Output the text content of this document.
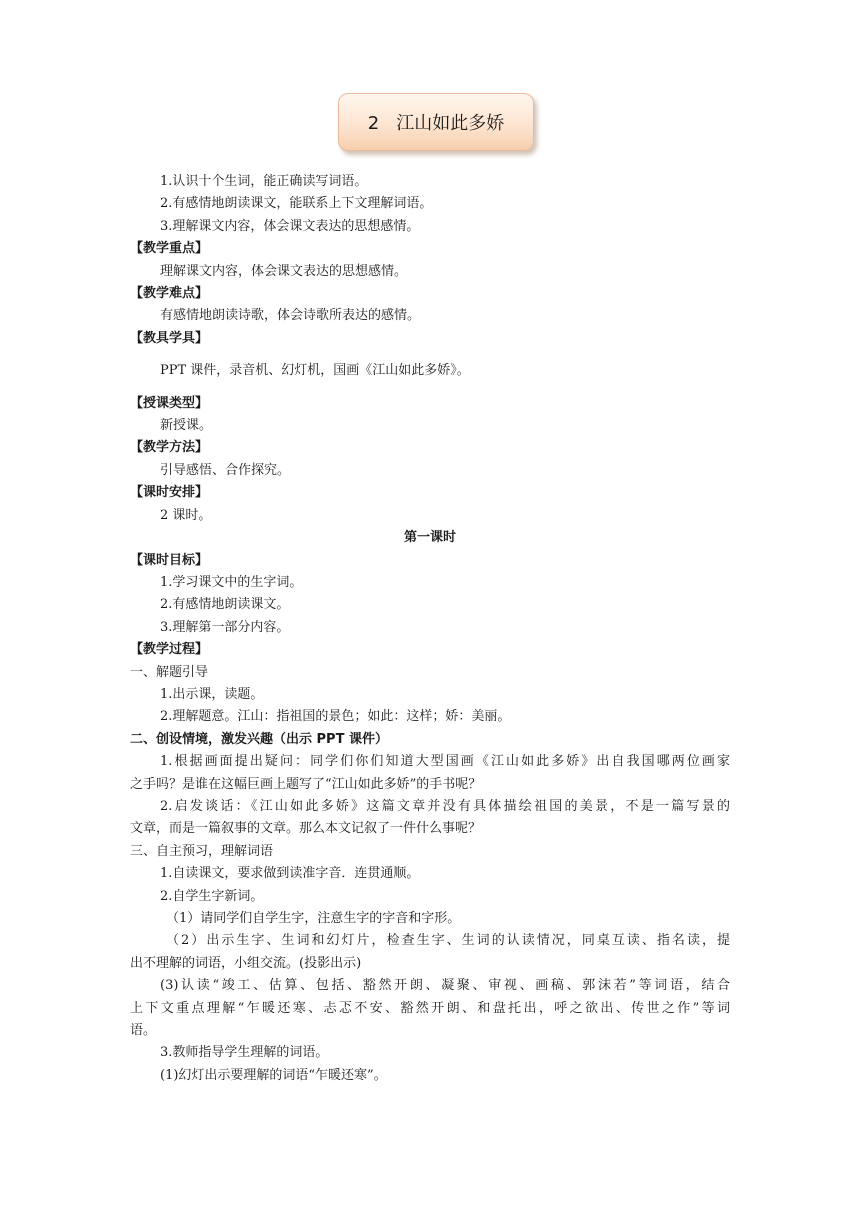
2   江山如此多娇
1.认识十个生词，能正确读写词语。
2.有感情地朗读课文，能联系上下文理解词语。
3.理解课文内容，体会课文表达的思想感情。
【教学重点】
理解课文内容，体会课文表达的思想感情。
【教学难点】
有感情地朗读诗歌，体会诗歌所表达的感情。
【教具学具】
PPT 课件，录音机、幻灯机，国画《江山如此多娇》。
【授课类型】
新授课。
【教学方法】
引导感悟、合作探究。
【课时安排】
2 课时。
第一课时
【课时目标】
1.学习课文中的生字词。
2.有感情地朗读课文。
3.理解第一部分内容。
【教学过程】
一、解题引导
1.出示课，读题。
2.理解题意。江山：指祖国的景色；如此：这样；娇：美丽。
二、创设情境，激发兴趣（出示 PPT 课件）
1.根据画面提出疑问：同学们你们知道大型国画《江山如此多娇》出自我国哪两位画家
之手吗？是谁在这幅巨画上题写了“江山如此多娇”的手书呢？
2.启发谈话：《江山如此多娇》这篇文章并没有具体描绘祖国的美景，不是一篇写景的
文章，而是一篇叙事的文章。那么本文记叙了一件什么事呢？
三、自主预习，理解词语
1.自读课文，要求做到读准字音．连贯通顺。
2.自学生字新词。
（1）请同学们自学生字，注意生字的字音和字形。
（2）出示生字、生词和幻灯片，检查生字、生词的认读情况，同桌互读、指名读，提
出不理解的词语，小组交流。(投影出示)
(3)认读“竣工、估算、包括、豁然开朗、凝聚、审视、画稿、郭沫若”等词语，结合
上下文重点理解“乍暖还寒、忐忑不安、豁然开朗、和盘托出，呼之欲出、传世之作”等词
语。
3.教师指导学生理解的词语。
(1)幻灯出示要理解的词语“乍暖还寒”。
